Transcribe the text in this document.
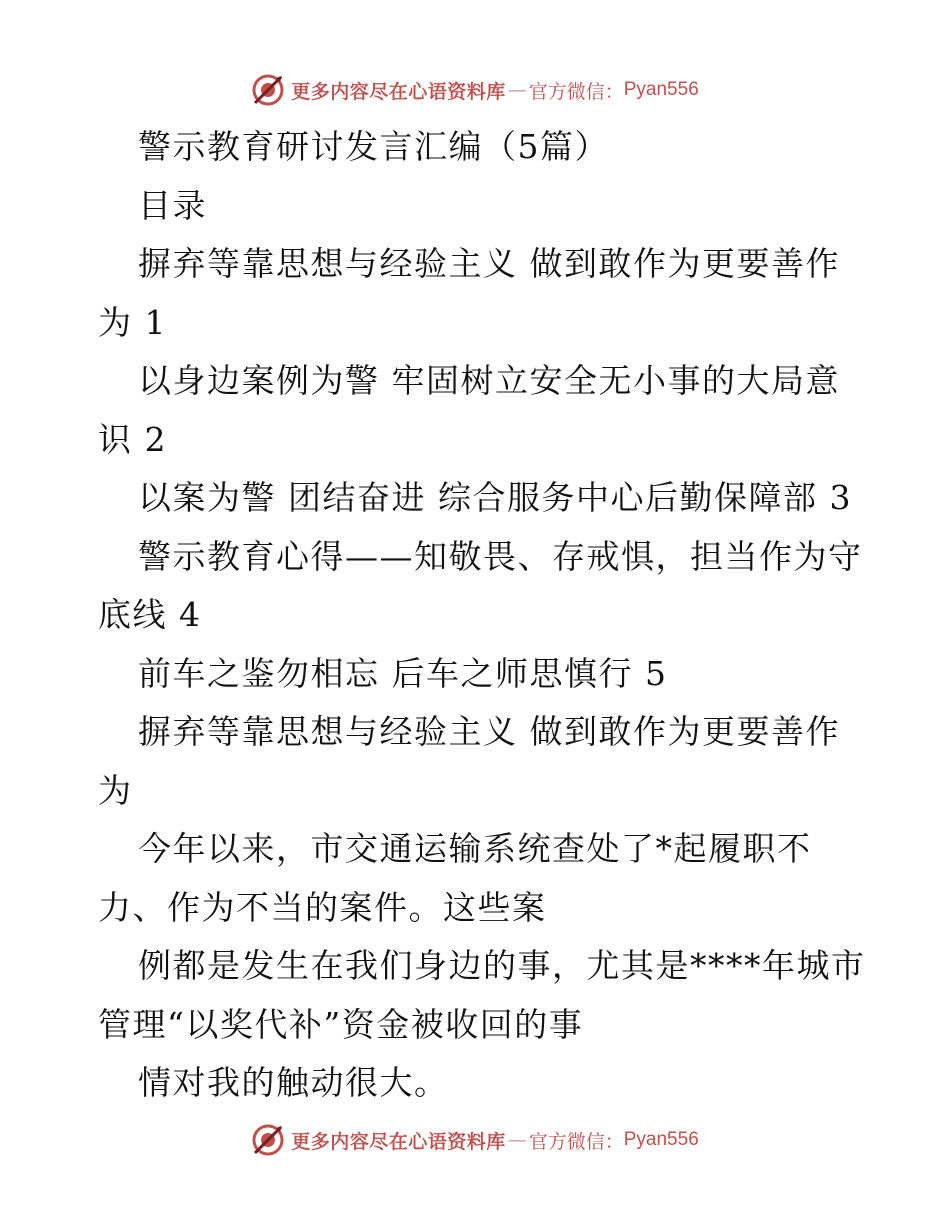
更多内容尽在心语资料库 — 官方微信： Pyan556
警示教育研讨发言汇编（5篇）
目录
摒弃等靠思想与经验主义 做到敢作为更要善作
为 1
以身边案例为警 牢固树立安全无小事的大局意
识 2
以案为警 团结奋进 综合服务中心后勤保障部 3
警示教育心得——知敬畏、存戒惧，担当作为守
底线 4
前车之鉴勿相忘 后车之师思慎行 5
摒弃等靠思想与经验主义 做到敢作为更要善作
为
今年以来，市交通运输系统查处了*起履职不
力、作为不当的案件。这些案
例都是发生在我们身边的事，尤其是****年城市
管理“以奖代补”资金被收回的事
情对我的触动很大。
更多内容尽在心语资料库 — 官方微信： Pyan556
